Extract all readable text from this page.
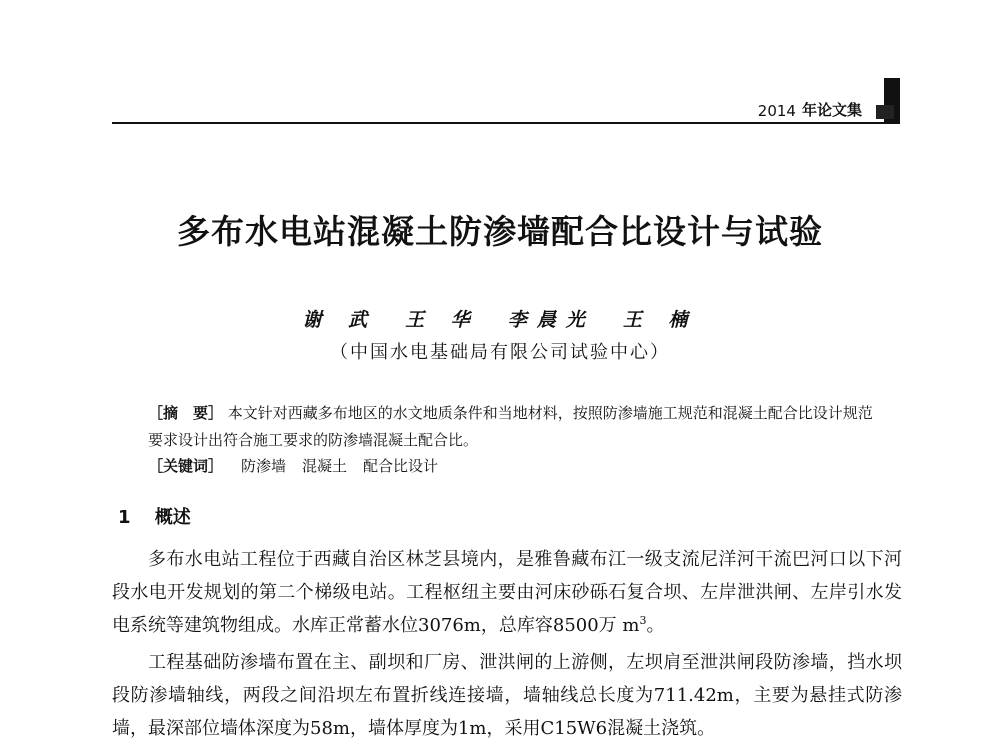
2014 年论文集
多布水电站混凝土防渗墙配合比设计与试验
谢 武 王 华 李晨光 王 楠
（中国水电基础局有限公司试验中心）
［摘　要］ 本文针对西藏多布地区的水文地质条件和当地材料，按照防渗墙施工规范和混凝土配合比设计规范要求设计出符合施工要求的防渗墙混凝土配合比。
［关键词］ 防渗墙 混凝土 配合比设计
1 概述
多布水电站工程位于西藏自治区林芝县境内，是雅鲁藏布江一级支流尼洋河干流巴河口以下河段水电开发规划的第二个梯级电站。工程枢纽主要由河床砂砾石复合坝、左岸泄洪闸、左岸引水发电系统等建筑物组成。水库正常蓄水位3076m，总库容8500万 $m^3$。
工程基础防渗墙布置在主、副坝和厂房、泄洪闸的上游侧，左坝肩至泄洪闸段防渗墙，挡水坝段防渗墙轴线，两段之间沿坝左布置折线连接墙，墙轴线总长度为711.42m，主要为悬挂式防渗墙，最深部位墙体深度为58m，墙体厚度为1m，采用C15W6混凝土浇筑。
